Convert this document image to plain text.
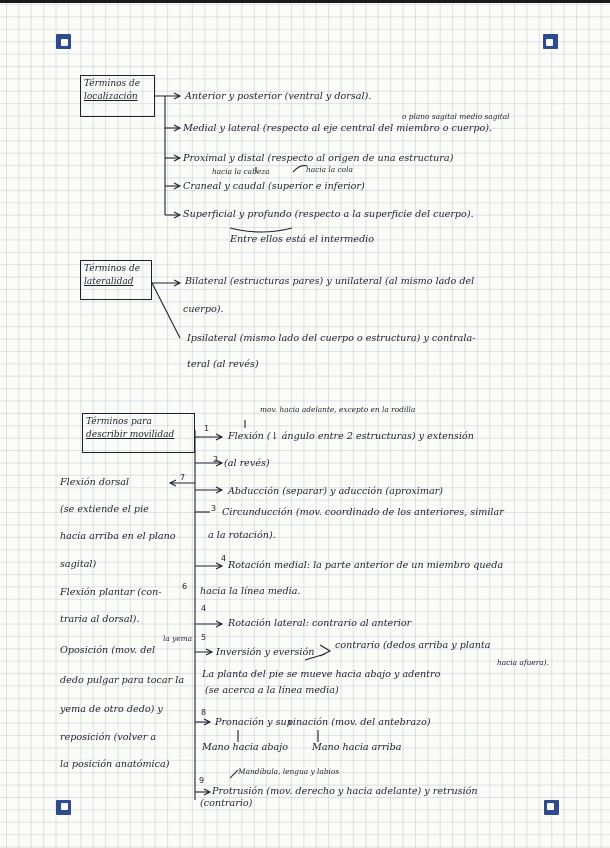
Términos de
localización
o plano sagital medio sagital
Anterior y posterior (ventral y dorsal).
Medial y lateral (respecto al eje central del miembro o cuerpo).
Proximal y distal (respecto al origen de una estructura)
hacia la cabeza	hacia la cola
Craneal y caudal (superior e inferior)
Superficial y profundo (respecto a la superficie del cuerpo).
Entre ellos está el intermedio
Términos de
lateralidad	Bilateral (estructuras pares) y unilateral (al mismo lado del
cuerpo).
Ipsilateral (mismo lado del cuerpo o estructura) y contrala-
teral (al revés)
Términos para
describir movilidad
mov. hacia adelante, excepto en la rodilla
1
Flexión (↓ ángulo entre 2 estructuras) y extensión
2 (al revés)
Abducción (separar) y aducción (aproximar)
3 Circunducción (mov. coordinado de los anteriores, similar
a la rotación).
4
Rotación medial: la parte anterior de un miembro queda
6 hacia la línea media.
4
Rotación lateral: contrario al anterior
la yema 5
Inversión y eversión
contrario (dedos arriba y planta
hacia afuera).
La planta del pie se mueve hacia abajo y adentro
(se acerca a la línea media)
8
Pronación y supinación (mov. del antebrazo)
Mano hacia abajo	Mano hacia arriba
Mandíbula, lengua y labios
9
Protrusión (mov. derecho y hacia adelante) y retrusión
(contrario)
7
Flexión dorsal
(se extiende el pie
hacia arriba en el plano
sagital)
Flexión plantar (con-
traria al dorsal).
Oposición (mov. del
dedo pulgar para tocar la
yema de otro dedo) y
reposición (volver a
la posición anatómica)
